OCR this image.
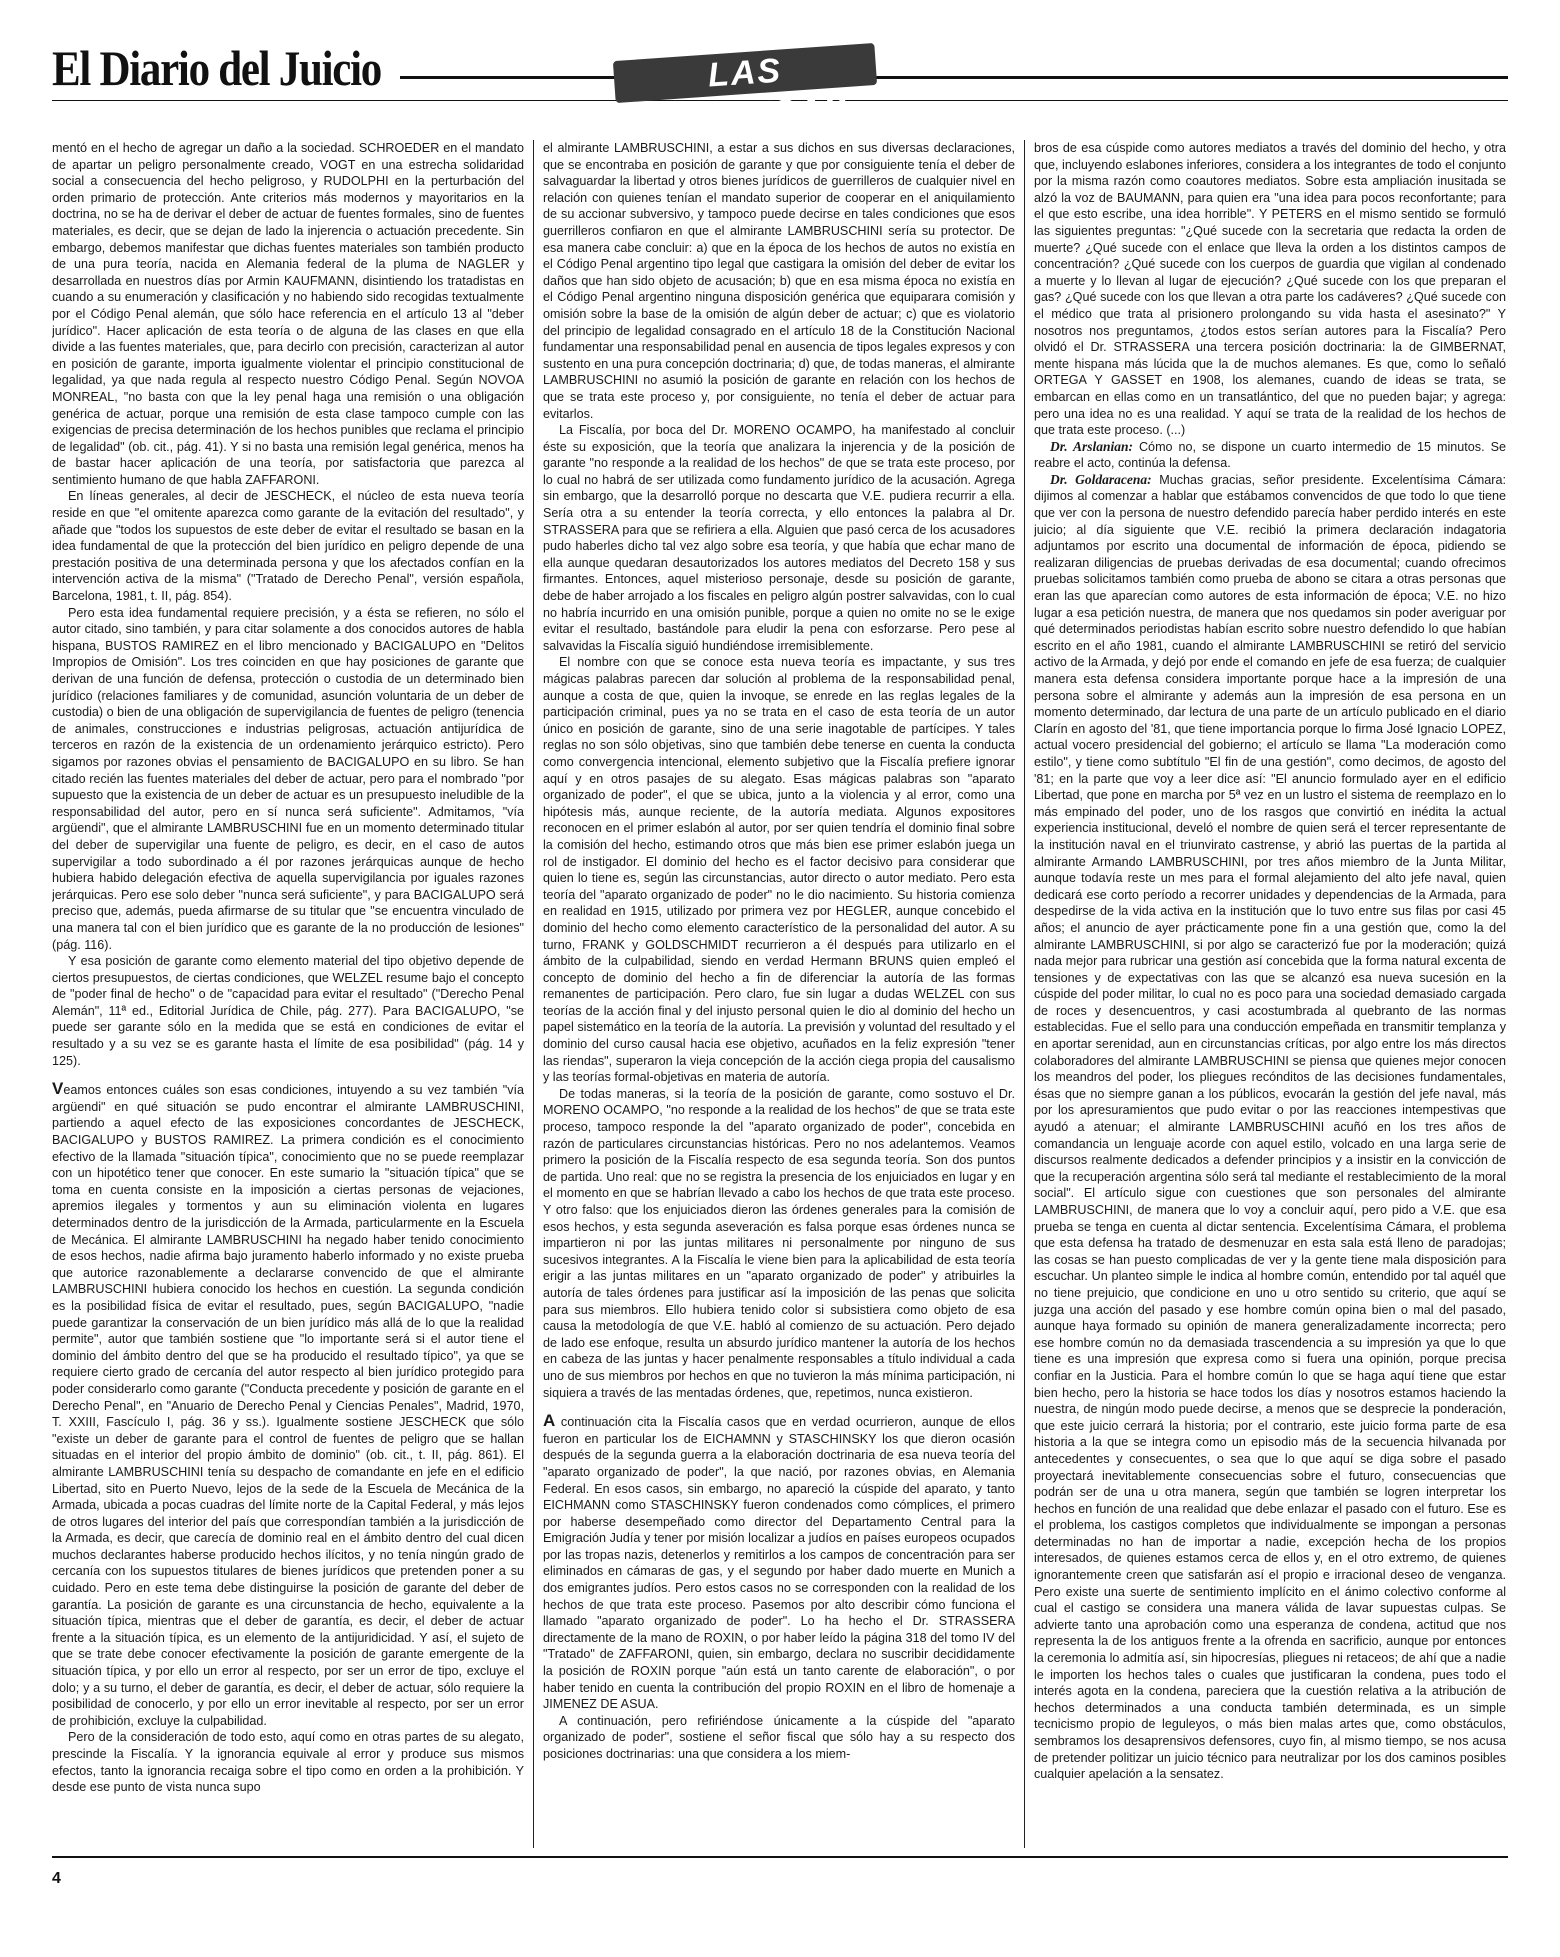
El Diario del Juicio	LAS DEFENSAS

mentó en el hecho de agregar un daño a la sociedad. SCHROEDER en el mandato de apartar un peligro personalmente creado, VOGT en una estrecha solidaridad social a consecuencia del hecho peligroso, y RUDOLPHI en la perturbación del orden primario de protección. Ante criterios más modernos y mayoritarios en la doctrina, no se ha de derivar el deber de actuar de fuentes formales, sino de fuentes materiales, es decir, que se dejan de lado la injerencia o actuación precedente. Sin embargo, debemos manifestar que dichas fuentes materiales son también producto de una pura teoría, nacida en Alemania federal de la pluma de NAGLER y desarrollada en nuestros días por Armin KAUFMANN, disintiendo los tratadistas en cuando a su enumeración y clasificación y no habiendo sido recogidas textualmente por el Código Penal alemán, que sólo hace referencia en el artículo 13 al "deber jurídico". Hacer aplicación de esta teoría o de alguna de las clases en que ella divide a las fuentes materiales, que, para decirlo con precisión, caracterizan al autor en posición de garante, importa igualmente violentar el principio constitucional de legalidad, ya que nada regula al respecto nuestro Código Penal. Según NOVOA MONREAL, "no basta con que la ley penal haga una remisión o una obligación genérica de actuar, porque una remisión de esta clase tampoco cumple con las exigencias de precisa determinación de los hechos punibles que reclama el principio de legalidad" (ob. cit., pág. 41). Y si no basta una remisión legal genérica, menos ha de bastar hacer aplicación de una teoría, por satisfactoria que parezca al sentimiento humano de que habla ZAFFARONI.

En líneas generales, al decir de JESCHECK, el núcleo de esta nueva teoría reside en que "el omitente aparezca como garante de la evitación del resultado", y añade que "todos los supuestos de este deber de evitar el resultado se basan en la idea fundamental de que la protección del bien jurídico en peligro depende de una prestación positiva de una determinada persona y que los afectados confían en la intervención activa de la misma" ("Tratado de Derecho Penal", versión española, Barcelona, 1981, t. II, pág. 854).

Pero esta idea fundamental requiere precisión, y a ésta se refieren, no sólo el autor citado, sino también, y para citar solamente a dos conocidos autores de habla hispana, BUSTOS RAMIREZ en el libro mencionado y BACIGALUPO en "Delitos Impropios de Omisión". Los tres coinciden en que hay posiciones de garante que derivan de una función de defensa, protección o custodia de un determinado bien jurídico (relaciones familiares y de comunidad, asunción voluntaria de un deber de custodia) o bien de una obligación de supervigilancia de fuentes de peligro (tenencia de animales, construcciones e industrias peligrosas, actuación antijurídica de terceros en razón de la existencia de un ordenamiento jerárquico estricto). Pero sigamos por razones obvias el pensamiento de BACIGALUPO en su libro. Se han citado recién las fuentes materiales del deber de actuar, pero para el nombrado "por supuesto que la existencia de un deber de actuar es un presupuesto ineludible de la responsabilidad del autor, pero en sí nunca será suficiente". Admitamos, "vía argüendi", que el almirante LAMBRUSCHINI fue en un momento determinado titular del deber de supervigilar una fuente de peligro, es decir, en el caso de autos supervigilar a todo subordinado a él por razones jerárquicas aunque de hecho hubiera habido delegación efectiva de aquella supervigilancia por iguales razones jerárquicas. Pero ese solo deber "nunca será suficiente", y para BACIGALUPO será preciso que, además, pueda afirmarse de su titular que "se encuentra vinculado de una manera tal con el bien jurídico que es garante de la no producción de lesiones" (pág. 116).

Y esa posición de garante como elemento material del tipo objetivo depende de ciertos presupuestos, de ciertas condiciones, que WELZEL resume bajo el concepto de "poder final de hecho" o de "capacidad para evitar el resultado" ("Derecho Penal Alemán", 11ª ed., Editorial Jurídica de Chile, pág. 277). Para BACIGALUPO, "se puede ser garante sólo en la medida que se está en condiciones de evitar el resultado y a su vez se es garante hasta el límite de esa posibilidad" (pág. 14 y 125).

Veamos entonces cuáles son esas condiciones, intuyendo a su vez también "vía argüendi" en qué situación se pudo encontrar el almirante LAMBRUSCHINI, partiendo a aquel efecto de las exposiciones concordantes de JESCHECK, BACIGALUPO y BUSTOS RAMIREZ. La primera condición es el conocimiento efectivo de la llamada "situación típica", conocimiento que no se puede reemplazar con un hipotético tener que conocer. En este sumario la "situación típica" que se toma en cuenta consiste en la imposición a ciertas personas de vejaciones, apremios ilegales y tormentos y aun su eliminación violenta en lugares determinados dentro de la jurisdicción de la Armada, particularmente en la Escuela de Mecánica. El almirante LAMBRUSCHINI ha negado haber tenido conocimiento de esos hechos, nadie afirma bajo juramento haberlo informado y no existe prueba que autorice razonablemente a declararse convencido de que el almirante LAMBRUSCHINI hubiera conocido los hechos en cuestión. La segunda condición es la posibilidad física de evitar el resultado, pues, según BACIGALUPO, "nadie puede garantizar la conservación de un bien jurídico más allá de lo que la realidad permite", autor que también sostiene que "lo importante será si el autor tiene el dominio del ámbito dentro del que se ha producido el resultado típico", ya que se requiere cierto grado de cercanía del autor respecto al bien jurídico protegido para poder considerarlo como garante ("Conducta precedente y posición de garante en el Derecho Penal", en "Anuario de Derecho Penal y Ciencias Penales", Madrid, 1970, T. XXIII, Fascículo I, pág. 36 y ss.). Igualmente sostiene JESCHECK que sólo "existe un deber de garante para el control de fuentes de peligro que se hallan situadas en el interior del propio ámbito de dominio" (ob. cit., t. II, pág. 861). El almirante LAMBRUSCHINI tenía su despacho de comandante en jefe en el edificio Libertad, sito en Puerto Nuevo, lejos de la sede de la Escuela de Mecánica de la Armada, ubicada a pocas cuadras del límite norte de la Capital Federal, y más lejos de otros lugares del interior del país que correspondían también a la jurisdicción de la Armada, es decir, que carecía de dominio real en el ámbito dentro del cual dicen muchos declarantes haberse producido hechos ilícitos, y no tenía ningún grado de cercanía con los supuestos titulares de bienes jurídicos que pretenden poner a su cuidado. Pero en este tema debe distinguirse la posición de garante del deber de garantía. La posición de garante es una circunstancia de hecho, equivalente a la situación típica, mientras que el deber de garantía, es decir, el deber de actuar frente a la situación típica, es un elemento de la antijuridicidad. Y así, el sujeto de que se trate debe conocer efectivamente la posición de garante emergente de la situación típica, y por ello un error al respecto, por ser un error de tipo, excluye el dolo; y a su turno, el deber de garantía, es decir, el deber de actuar, sólo requiere la posibilidad de conocerlo, y por ello un error inevitable al respecto, por ser un error de prohibición, excluye la culpabilidad.

Pero de la consideración de todo esto, aquí como en otras partes de su alegato, prescinde la Fiscalía. Y la ignorancia equivale al error y produce sus mismos efectos, tanto la ignorancia recaiga sobre el tipo como en orden a la prohibición. Y desde ese punto de vista nunca supo

el almirante LAMBRUSCHINI, a estar a sus dichos en sus diversas declaraciones, que se encontraba en posición de garante y que por consiguiente tenía el deber de salvaguardar la libertad y otros bienes jurídicos de guerrilleros de cualquier nivel en relación con quienes tenían el mandato superior de cooperar en el aniquilamiento de su accionar subversivo, y tampoco puede decirse en tales condiciones que esos guerrilleros confiaron en que el almirante LAMBRUSCHINI sería su protector. De esa manera cabe concluir: a) que en la época de los hechos de autos no existía en el Código Penal argentino tipo legal que castigara la omisión del deber de evitar los daños que han sido objeto de acusación; b) que en esa misma época no existía en el Código Penal argentino ninguna disposición genérica que equiparara comisión y omisión sobre la base de la omisión de algún deber de actuar; c) que es violatorio del principio de legalidad consagrado en el artículo 18 de la Constitución Nacional fundamentar una responsabilidad penal en ausencia de tipos legales expresos y con sustento en una pura concepción doctrinaria; d) que, de todas maneras, el almirante LAMBRUSCHINI no asumió la posición de garante en relación con los hechos de que se trata este proceso y, por consiguiente, no tenía el deber de actuar para evitarlos.

La Fiscalía, por boca del Dr. MORENO OCAMPO, ha manifestado al concluir éste su exposición, que la teoría que analizara la injerencia y de la posición de garante "no responde a la realidad de los hechos" de que se trata este proceso, por lo cual no habrá de ser utilizada como fundamento jurídico de la acusación. Agrega sin embargo, que la desarrolló porque no descarta que V.E. pudiera recurrir a ella. Sería otra a su entender la teoría correcta, y ello entonces la palabra al Dr. STRASSERA para que se refiriera a ella. Alguien que pasó cerca de los acusadores pudo haberles dicho tal vez algo sobre esa teoría, y que había que echar mano de ella aunque quedaran desautorizados los autores mediatos del Decreto 158 y sus firmantes. Entonces, aquel misterioso personaje, desde su posición de garante, debe de haber arrojado a los fiscales en peligro algún postrer salvavidas, con lo cual no habría incurrido en una omisión punible, porque a quien no omite no se le exige evitar el resultado, bastándole para eludir la pena con esforzarse. Pero pese al salvavidas la Fiscalía siguió hundiéndose irremisiblemente.

El nombre con que se conoce esta nueva teoría es impactante, y sus tres mágicas palabras parecen dar solución al problema de la responsabilidad penal, aunque a costa de que, quien la invoque, se enrede en las reglas legales de la participación criminal, pues ya no se trata en el caso de esta teoría de un autor único en posición de garante, sino de una serie inagotable de partícipes. Y tales reglas no son sólo objetivas, sino que también debe tenerse en cuenta la conducta como convergencia intencional, elemento subjetivo que la Fiscalía prefiere ignorar aquí y en otros pasajes de su alegato. Esas mágicas palabras son "aparato organizado de poder", el que se ubica, junto a la violencia y al error, como una hipótesis más, aunque reciente, de la autoría mediata. Algunos expositores reconocen en el primer eslabón al autor, por ser quien tendría el dominio final sobre la comisión del hecho, estimando otros que más bien ese primer eslabón juega un rol de instigador. El dominio del hecho es el factor decisivo para considerar que quien lo tiene es, según las circunstancias, autor directo o autor mediato. Pero esta teoría del "aparato organizado de poder" no le dio nacimiento. Su historia comienza en realidad en 1915, utilizado por primera vez por HEGLER, aunque concebido el dominio del hecho como elemento característico de la personalidad del autor. A su turno, FRANK y GOLDSCHMIDT recurrieron a él después para utilizarlo en el ámbito de la culpabilidad, siendo en verdad Hermann BRUNS quien empleó el concepto de dominio del hecho a fin de diferenciar la autoría de las formas remanentes de participación. Pero claro, fue sin lugar a dudas WELZEL con sus teorías de la acción final y del injusto personal quien le dio al dominio del hecho un papel sistemático en la teoría de la autoría. La previsión y voluntad del resultado y el dominio del curso causal hacia ese objetivo, acuñados en la feliz expresión "tener las riendas", superaron la vieja concepción de la acción ciega propia del causalismo y las teorías formal-objetivas en materia de autoría.

De todas maneras, si la teoría de la posición de garante, como sostuvo el Dr. MORENO OCAMPO, "no responde a la realidad de los hechos" de que se trata este proceso, tampoco responde la del "aparato organizado de poder", concebida en razón de particulares circunstancias históricas. Pero no nos adelantemos. Veamos primero la posición de la Fiscalía respecto de esa segunda teoría. Son dos puntos de partida. Uno real: que no se registra la presencia de los enjuiciados en lugar y en el momento en que se habrían llevado a cabo los hechos de que trata este proceso. Y otro falso: que los enjuiciados dieron las órdenes generales para la comisión de esos hechos, y esta segunda aseveración es falsa porque esas órdenes nunca se impartieron ni por las juntas militares ni personalmente por ninguno de sus sucesivos integrantes. A la Fiscalía le viene bien para la aplicabilidad de esta teoría erigir a las juntas militares en un "aparato organizado de poder" y atribuirles la autoría de tales órdenes para justificar así la imposición de las penas que solicita para sus miembros. Ello hubiera tenido color si subsistiera como objeto de esa causa la metodología de que V.E. habló al comienzo de su actuación. Pero dejado de lado ese enfoque, resulta un absurdo jurídico mantener la autoría de los hechos en cabeza de las juntas y hacer penalmente responsables a título individual a cada uno de sus miembros por hechos en que no tuvieron la más mínima participación, ni siquiera a través de las mentadas órdenes, que, repetimos, nunca existieron.

A continuación cita la Fiscalía casos que en verdad ocurrieron, aunque de ellos fueron en particular los de EICHAMNN y STASCHINSKY los que dieron ocasión después de la segunda guerra a la elaboración doctrinaria de esa nueva teoría del "aparato organizado de poder", la que nació, por razones obvias, en Alemania Federal. En esos casos, sin embargo, no apareció la cúspide del aparato, y tanto EICHMANN como STASCHINSKY fueron condenados como cómplices, el primero por haberse desempeñado como director del Departamento Central para la Emigración Judía y tener por misión localizar a judíos en países europeos ocupados por las tropas nazis, detenerlos y remitirlos a los campos de concentración para ser eliminados en cámaras de gas, y el segundo por haber dado muerte en Munich a dos emigrantes judíos. Pero estos casos no se corresponden con la realidad de los hechos de que trata este proceso. Pasemos por alto describir cómo funciona el llamado "aparato organizado de poder". Lo ha hecho el Dr. STRASSERA directamente de la mano de ROXIN, o por haber leído la página 318 del tomo IV del "Tratado" de ZAFFARONI, quien, sin embargo, declara no suscribir decididamente la posición de ROXIN porque "aún está un tanto carente de elaboración", o por haber tenido en cuenta la contribución del propio ROXIN en el libro de homenaje a JIMENEZ DE ASUA.

A continuación, pero refiriéndose únicamente a la cúspide del "aparato organizado de poder", sostiene el señor fiscal que sólo hay a su respecto dos posiciones doctrinarias: una que considera a los miem-

bros de esa cúspide como autores mediatos a través del dominio del hecho, y otra que, incluyendo eslabones inferiores, considera a los integrantes de todo el conjunto por la misma razón como coautores mediatos. Sobre esta ampliación inusitada se alzó la voz de BAUMANN, para quien era "una idea para pocos reconfortante; para el que esto escribe, una idea horrible". Y PETERS en el mismo sentido se formuló las siguientes preguntas: "¿Qué sucede con la secretaria que redacta la orden de muerte? ¿Qué sucede con el enlace que lleva la orden a los distintos campos de concentración? ¿Qué sucede con los cuerpos de guardia que vigilan al condenado a muerte y lo llevan al lugar de ejecución? ¿Qué sucede con los que preparan el gas? ¿Qué sucede con los que llevan a otra parte los cadáveres? ¿Qué sucede con el médico que trata al prisionero prolongando su vida hasta el asesinato?" Y nosotros nos preguntamos, ¿todos estos serían autores para la Fiscalía? Pero olvidó el Dr. STRASSERA una tercera posición doctrinaria: la de GIMBERNAT, mente hispana más lúcida que la de muchos alemanes. Es que, como lo señaló ORTEGA Y GASSET en 1908, los alemanes, cuando de ideas se trata, se embarcan en ellas como en un transatlántico, del que no pueden bajar; y agrega: pero una idea no es una realidad. Y aquí se trata de la realidad de los hechos de que trata este proceso. (...)

Dr. Arslanian: Cómo no, se dispone un cuarto intermedio de 15 minutos. Se reabre el acto, continúa la defensa.

Dr. Goldaracena: Muchas gracias, señor presidente. Excelentísima Cámara: dijimos al comenzar a hablar que estábamos convencidos de que todo lo que tiene que ver con la persona de nuestro defendido parecía haber perdido interés en este juicio; al día siguiente que V.E. recibió la primera declaración indagatoria adjuntamos por escrito una documental de información de época, pidiendo se realizaran diligencias de pruebas derivadas de esa documental; cuando ofrecimos pruebas solicitamos también como prueba de abono se citara a otras personas que eran las que aparecían como autores de esta información de época; V.E. no hizo lugar a esa petición nuestra, de manera que nos quedamos sin poder averiguar por qué determinados periodistas habían escrito sobre nuestro defendido lo que habían escrito en el año 1981, cuando el almirante LAMBRUSCHINI se retiró del servicio activo de la Armada, y dejó por ende el comando en jefe de esa fuerza; de cualquier manera esta defensa considera importante porque hace a la impresión de una persona sobre el almirante y además aun la impresión de esa persona en un momento determinado, dar lectura de una parte de un artículo publicado en el diario Clarín en agosto del '81, que tiene importancia porque lo firma José Ignacio LOPEZ, actual vocero presidencial del gobierno; el artículo se llama "La moderación como estilo", y tiene como subtítulo "El fin de una gestión", como decimos, de agosto del '81; en la parte que voy a leer dice así: "El anuncio formulado ayer en el edificio Libertad, que pone en marcha por 5ª vez en un lustro el sistema de reemplazo en lo más empinado del poder, uno de los rasgos que convirtió en inédita la actual experiencia institucional, develó el nombre de quien será el tercer representante de la institución naval en el triunvirato castrense, y abrió las puertas de la partida al almirante Armando LAMBRUSCHINI, por tres años miembro de la Junta Militar, aunque todavía reste un mes para el formal alejamiento del alto jefe naval, quien dedicará ese corto período a recorrer unidades y dependencias de la Armada, para despedirse de la vida activa en la institución que lo tuvo entre sus filas por casi 45 años; el anuncio de ayer prácticamente pone fin a una gestión que, como la del almirante LAMBRUSCHINI, si por algo se caracterizó fue por la moderación; quizá nada mejor para rubricar una gestión así concebida que la forma natural excenta de tensiones y de expectativas con las que se alcanzó esa nueva sucesión en la cúspide del poder militar, lo cual no es poco para una sociedad demasiado cargada de roces y desencuentros, y casi acostumbrada al quebranto de las normas establecidas. Fue el sello para una conducción empeñada en transmitir templanza y en aportar serenidad, aun en circunstancias críticas, por algo entre los más directos colaboradores del almirante LAMBRUSCHINI se piensa que quienes mejor conocen los meandros del poder, los pliegues recónditos de las decisiones fundamentales, ésas que no siempre ganan a los públicos, evocarán la gestión del jefe naval, más por los apresuramientos que pudo evitar o por las reacciones intempestivas que ayudó a atenuar; el almirante LAMBRUSCHINI acuñó en los tres años de comandancia un lenguaje acorde con aquel estilo, volcado en una larga serie de discursos realmente dedicados a defender principios y a insistir en la convicción de que la recuperación argentina sólo será tal mediante el restablecimiento de la moral social". El artículo sigue con cuestiones que son personales del almirante LAMBRUSCHINI, de manera que lo voy a concluir aquí, pero pido a V.E. que esa prueba se tenga en cuenta al dictar sentencia. Excelentísima Cámara, el problema que esta defensa ha tratado de desmenuzar en esta sala está lleno de paradojas; las cosas se han puesto complicadas de ver y la gente tiene mala disposición para escuchar. Un planteo simple le indica al hombre común, entendido por tal aquél que no tiene prejuicio, que condicione en uno u otro sentido su criterio, que aquí se juzga una acción del pasado y ese hombre común opina bien o mal del pasado, aunque haya formado su opinión de manera generalizadamente incorrecta; pero ese hombre común no da demasiada trascendencia a su impresión ya que lo que tiene es una impresión que expresa como si fuera una opinión, porque precisa confiar en la Justicia. Para el hombre común lo que se haga aquí tiene que estar bien hecho, pero la historia se hace todos los días y nosotros estamos haciendo la nuestra, de ningún modo puede decirse, a menos que se desprecie la ponderación, que este juicio cerrará la historia; por el contrario, este juicio forma parte de esa historia a la que se integra como un episodio más de la secuencia hilvanada por antecedentes y consecuentes, o sea que lo que aquí se diga sobre el pasado proyectará inevitablemente consecuencias sobre el futuro, consecuencias que podrán ser de una u otra manera, según que también se logren interpretar los hechos en función de una realidad que debe enlazar el pasado con el futuro. Ese es el problema, los castigos completos que individualmente se impongan a personas determinadas no han de importar a nadie, excepción hecha de los propios interesados, de quienes estamos cerca de ellos y, en el otro extremo, de quienes ignorantemente creen que satisfarán así el propio e irracional deseo de venganza. Pero existe una suerte de sentimiento implícito en el ánimo colectivo conforme al cual el castigo se considera una manera válida de lavar supuestas culpas. Se advierte tanto una aprobación como una esperanza de condena, actitud que nos representa la de los antiguos frente a la ofrenda en sacrificio, aunque por entonces la ceremonia lo admitía así, sin hipocresías, pliegues ni retaceos; de ahí que a nadie le importen los hechos tales o cuales que justificaran la condena, pues todo el interés agota en la condena, pareciera que la cuestión relativa a la atribución de hechos determinados a una conducta también determinada, es un simple tecnicismo propio de leguleyos, o más bien malas artes que, como obstáculos, sembramos los desaprensivos defensores, cuyo fin, al mismo tiempo, se nos acusa de pretender politizar un juicio técnico para neutralizar por los dos caminos posibles cualquier apelación a la sensatez.

4
